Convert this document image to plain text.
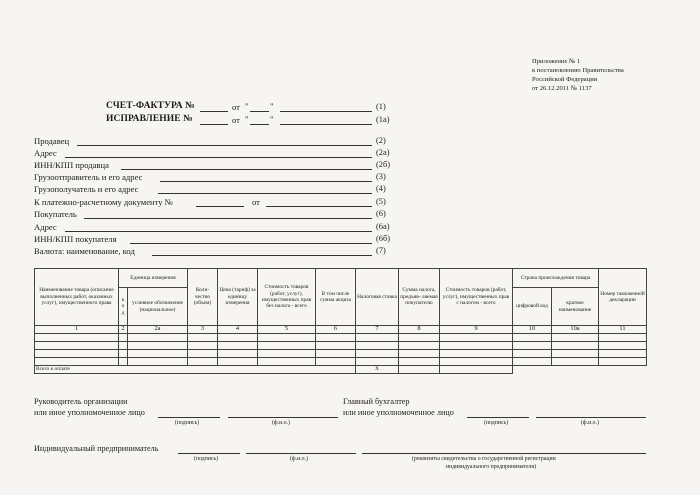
Приложение № 1
к постановлению Правительства
Российской Федерации
от 26.12.2011 № 1137
СЧЕТ-ФАКТУРА №	от " "	(1)
ИСПРАВЛЕНИЕ №	от " "	(1а)
Продавец	(2)
Адрес	(2а)
ИНН/КПП продавца	(2б)
Грузоотправитель и его адрес	(3)
Грузополучатель и его адрес	(4)
К платежно-расчетному документу №	от	(5)
Покупатель	(6)
Адрес	(6а)
ИНН/КПП покупателя	(6б)
Валюта: наименование, код	(7)
Наименование товара (описание выполненных работ, оказанных услуг), имущественного права	Единица измерения		Коли- чество (объем)	Цена (тариф) за единицу измерения	Стоимость товаров (работ, услуг), имущественных прав без налога - всего	В том числе сумма акциза	Налоговая ставка	Сумма налога, предъяв- ляемая покупателю	Стоимость товаров (работ, услуг), имущественных прав с налогом - всего	Страна происхождения товара		Номер таможенной декларации
	к о д	условное обозначение (национальное)								цифровой код	краткое наименование	
1	2	2а	3	4	5	6	7	8	9	10	10а	11

Всего к оплате							X					
Руководитель организации
или иное уполномоченное лицо
(подпись)	(ф.и.о.)
Главный бухгалтер
или иное уполномоченное лицо
(подпись)	(ф.и.о.)
Индивидуальный предприниматель
(подпись)	(ф.и.о.)	(реквизиты свидетельства о государственной регистрации
индивидуального предпринимателя)
